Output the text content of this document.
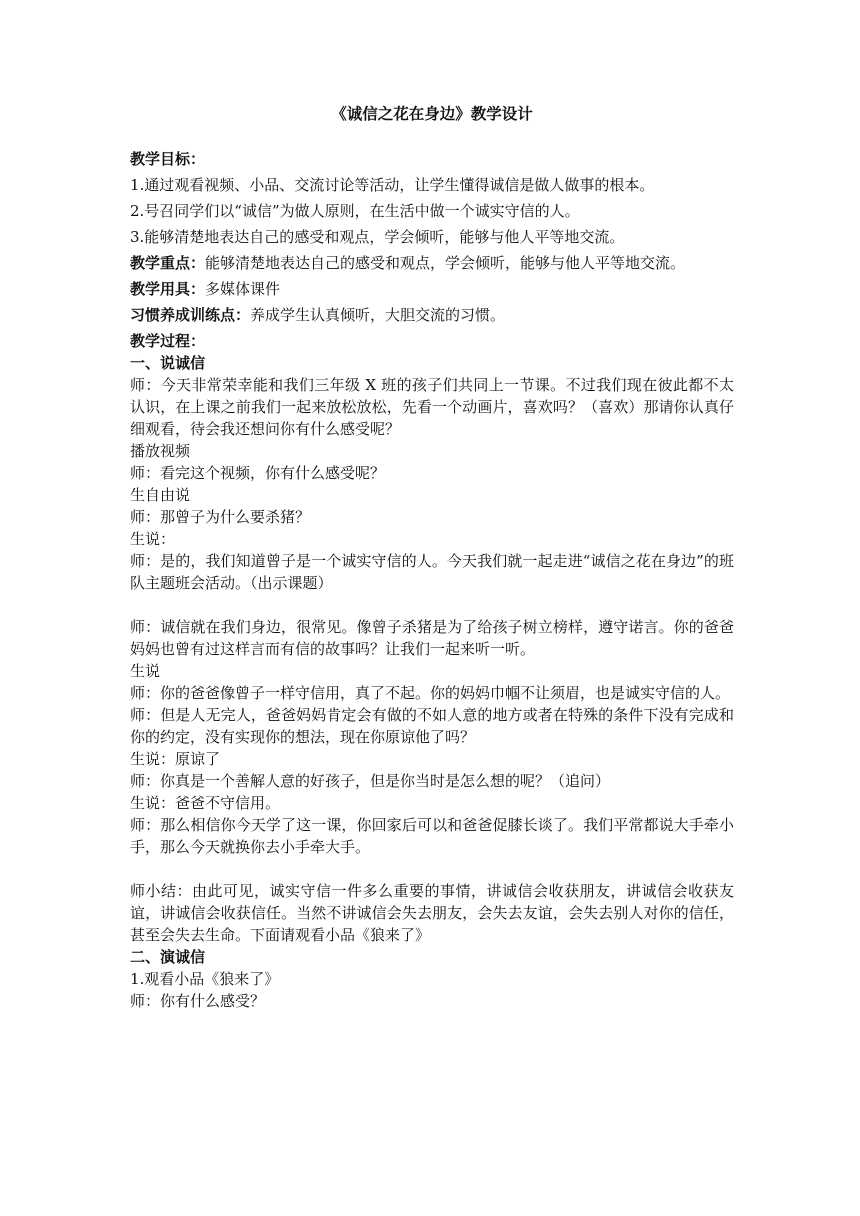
《诚信之花在身边》教学设计

教学目标：

1.通过观看视频、小品、交流讨论等活动，让学生懂得诚信是做人做事的根本。

2.号召同学们以“诚信”为做人原则，在生活中做一个诚实守信的人。

3.能够清楚地表达自己的感受和观点，学会倾听，能够与他人平等地交流。

教学重点：能够清楚地表达自己的感受和观点，学会倾听，能够与他人平等地交流。

教学用具：多媒体课件

习惯养成训练点：养成学生认真倾听，大胆交流的习惯。

教学过程：

一、说诚信

师：今天非常荣幸能和我们三年级 X 班的孩子们共同上一节课。不过我们现在彼此都不太认识，在上课之前我们一起来放松放松，先看一个动画片，喜欢吗？（喜欢）那请你认真仔细观看，待会我还想问你有什么感受呢？

播放视频

师：看完这个视频，你有什么感受呢？

生自由说

师：那曾子为什么要杀猪？

生说：

师：是的，我们知道曾子是一个诚实守信的人。今天我们就一起走进“诚信之花在身边”的班队主题班会活动。（出示课题）

师：诚信就在我们身边，很常见。像曾子杀猪是为了给孩子树立榜样，遵守诺言。你的爸爸妈妈也曾有过这样言而有信的故事吗？让我们一起来听一听。

生说

师：你的爸爸像曾子一样守信用，真了不起。你的妈妈巾帼不让须眉，也是诚实守信的人。

师：但是人无完人，爸爸妈妈肯定会有做的不如人意的地方或者在特殊的条件下没有完成和你的约定，没有实现你的想法，现在你原谅他了吗？

生说：原谅了

师：你真是一个善解人意的好孩子，但是你当时是怎么想的呢？（追问）

生说：爸爸不守信用。

师：那么相信你今天学了这一课，你回家后可以和爸爸促膝长谈了。我们平常都说大手牵小手，那么今天就换你去小手牵大手。

师小结：由此可见，诚实守信一件多么重要的事情，讲诚信会收获朋友，讲诚信会收获友谊，讲诚信会收获信任。当然不讲诚信会失去朋友，会失去友谊，会失去别人对你的信任，甚至会失去生命。下面请观看小品《狼来了》

二、演诚信

1.观看小品《狼来了》

师：你有什么感受？
